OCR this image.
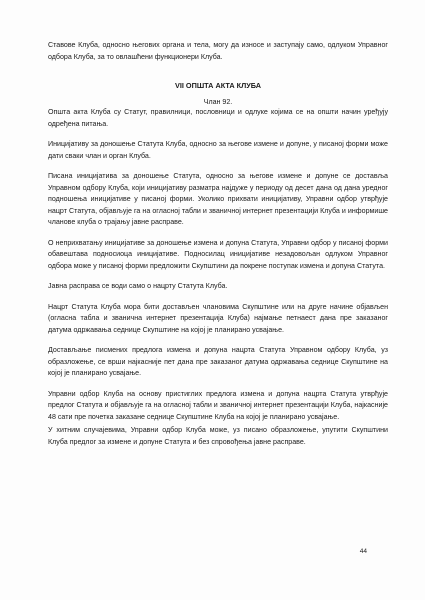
Ставове Клуба, односно његових органа и тела, могу да износе и заступају само, одлуком Управног одбора Клуба, за то овлашћени функционери Клуба.

VII ОПШТА АКТА КЛУБА
Члан 92.

Општа акта Клуба су Статут, правилници, пословници и одлуке којима се на општи начин уређују одређена питања.

Иницијативу за доношење Статута Клуба, односно за његове измене и допуне, у писаној форми може дати сваки члан и орган Клуба.

Писана иницијатива за доношење Статута, односно за његове измене и допуне се доставља Управном одбору Клуба, који иницијативу разматра најдуже у периоду од десет дана од дана уредног подношења иницијативе у писаној форми. Уколико прихвати иницијативу, Управни одбор утврђује нацрт Статута, објављује га на огласној табли и званичној интернет презентацији Клуба и информише чланове клуба о трајању јавне расправе.

О неприхватању иницијативе за доношење измена и допуна Статута, Управни одбор у писаној форми обавештава подносиоца иницијативе. Подносилац иницијативе незадовољан одлуком Управног одбора може у писаној форми предложити Скупштини да покрене поступак измена и допуна Статута.

Јавна расправа се води само о нацрту Статута Клуба.

Нацрт Статута Клуба мора бити достављен члановима Скупштине или на друге начине објављен (огласна табла и званична интернет презентација Клуба) најмање петнаест дана пре заказаног датума одржавања седнице Скупштине на којој је планирано усвајање.

Достављање писмених предлога измена и допуна нацрта Статута Управном одбору Клуба, уз образложење, се врши најкасније пет дана пре заказаног датума одржавања седнице Скупштине на којој је планирано усвајање.

Управни одбор Клуба на основу пристиглих предлога измена и допуна нацрта Статута утврђује предлог Статута и објављује га на огласној табли и званичној интернет презентацији Клуба, најкасније 48 сати пре почетка заказане седнице Скупштине Клуба на којој је планирано усвајање.

У хитним случајевима, Управни одбор Клуба може, уз писано образложење, упутити Скупштини Клуба предлог за измене и допуне Статута и без спровођења јавне расправе.

44
